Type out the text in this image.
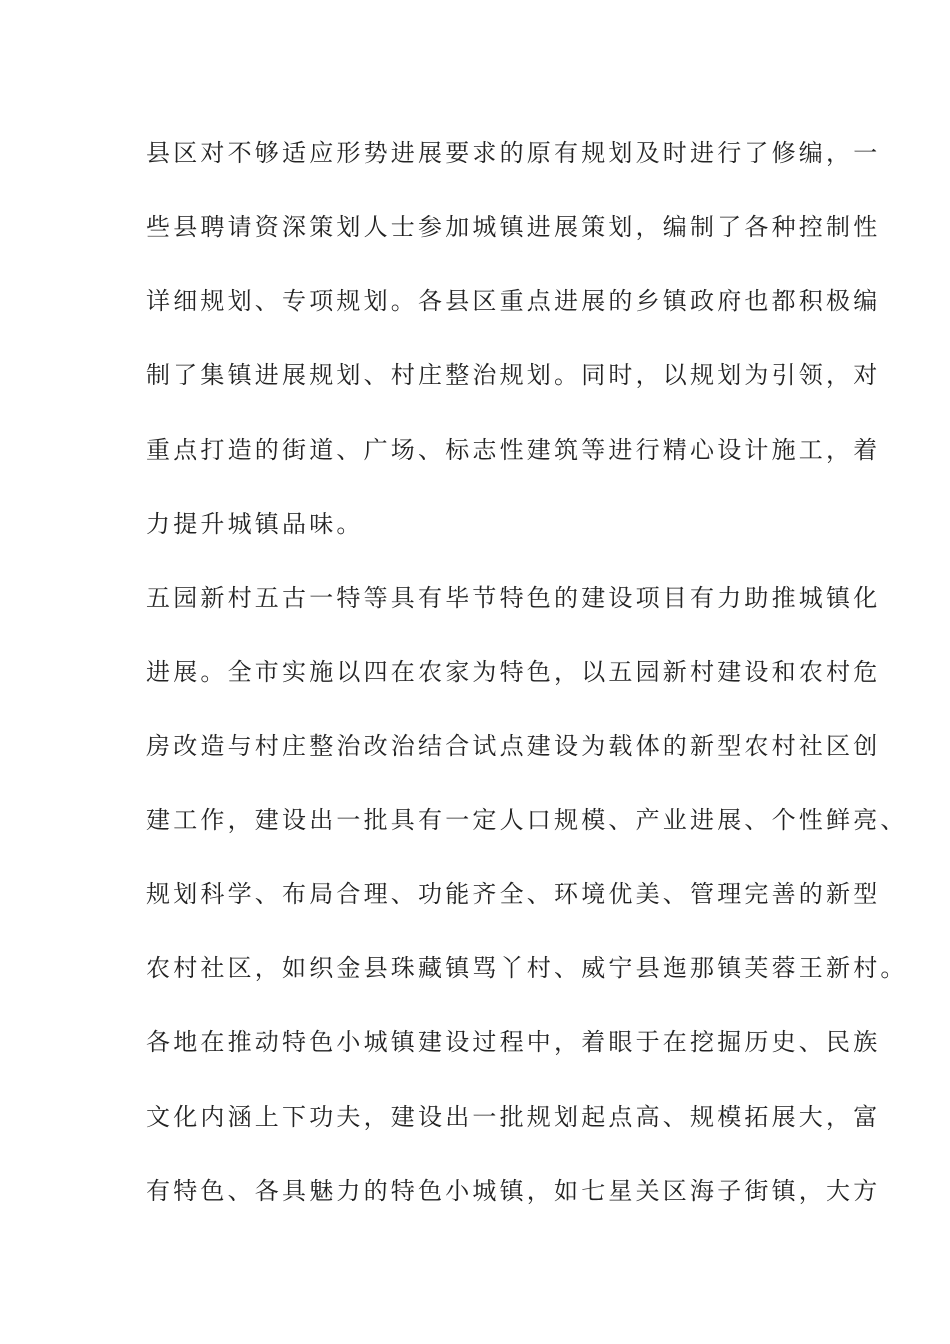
县区对不够适应形势进展要求的原有规划及时进行了修编，一
些县聘请资深策划人士参加城镇进展策划，编制了各种控制性
详细规划、专项规划。各县区重点进展的乡镇政府也都积极编
制了集镇进展规划、村庄整治规划。同时，以规划为引领，对
重点打造的街道、广场、标志性建筑等进行精心设计施工，着
力提升城镇品味。
五园新村五古一特等具有毕节特色的建设项目有力助推城镇化
进展。全市实施以四在农家为特色，以五园新村建设和农村危
房改造与村庄整治改治结合试点建设为载体的新型农村社区创
建工作，建设出一批具有一定人口规模、产业进展、个性鲜亮、
规划科学、布局合理、功能齐全、环境优美、管理完善的新型
农村社区，如织金县珠藏镇骂丫村、威宁县迤那镇芙蓉王新村。
各地在推动特色小城镇建设过程中，着眼于在挖掘历史、民族
文化内涵上下功夫，建设出一批规划起点高、规模拓展大，富
有特色、各具魅力的特色小城镇，如七星关区海子街镇，大方
